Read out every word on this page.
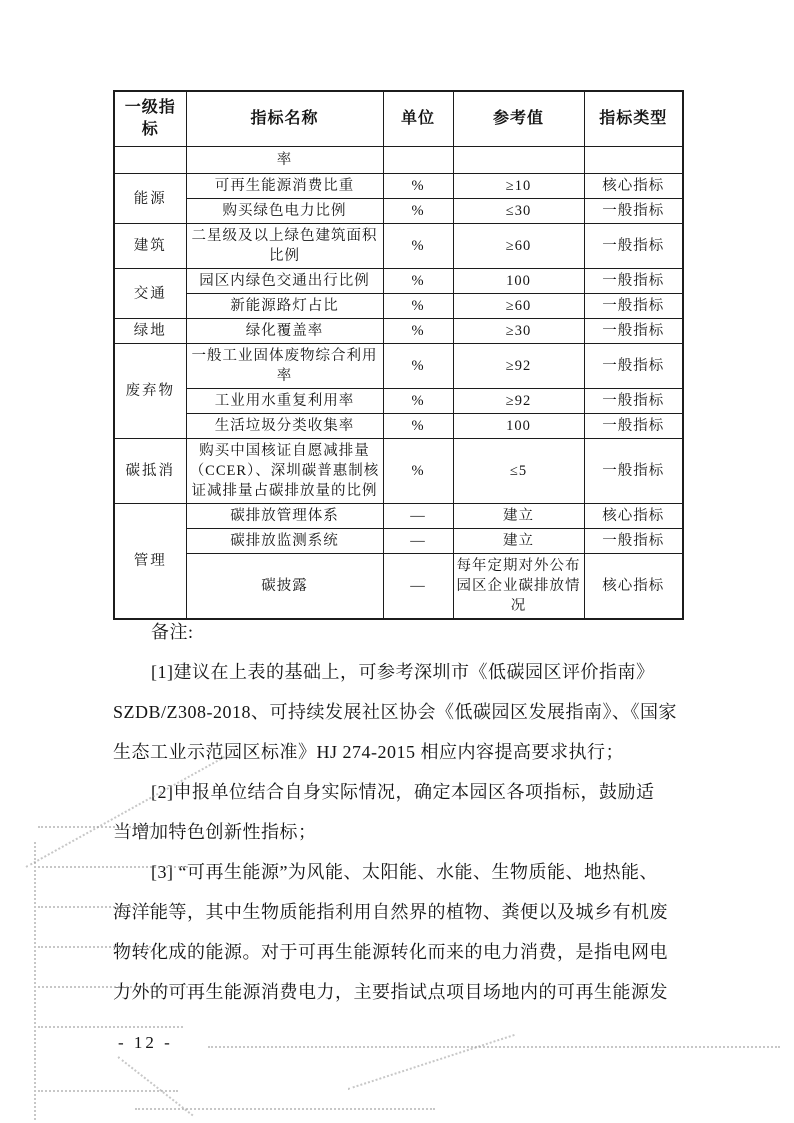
一级指标	指标名称	单位	参考值	指标类型
	率			
能源	可再生能源消费比重	%	≥10	核心指标
	购买绿色电力比例	%	≤30	一般指标
建筑	二星级及以上绿色建筑面积比例	%	≥60	一般指标
交通	园区内绿色交通出行比例	%	100	一般指标
	新能源路灯占比	%	≥60	一般指标
绿地	绿化覆盖率	%	≥30	一般指标
废弃物	一般工业固体废物综合利用率	%	≥92	一般指标
	工业用水重复利用率	%	≥92	一般指标
	生活垃圾分类收集率	%	100	一般指标
碳抵消	购买中国核证自愿减排量（CCER）、深圳碳普惠制核证减排量占碳排放量的比例	%	≤5	一般指标
管理	碳排放管理体系	—	建立	核心指标
	碳排放监测系统	—	建立	一般指标
	碳披露	—	每年定期对外公布园区企业碳排放情况	核心指标
备注:
[1]建议在上表的基础上，可参考深圳市《低碳园区评价指南》
SZDB/Z308-2018、可持续发展社区协会《低碳园区发展指南》、《国家
生态工业示范园区标准》HJ 274-2015 相应内容提高要求执行；
[2]申报单位结合自身实际情况，确定本园区各项指标，鼓励适
当增加特色创新性指标；
[3] “可再生能源”为风能、太阳能、水能、生物质能、地热能、
海洋能等，其中生物质能指利用自然界的植物、粪便以及城乡有机废
物转化成的能源。对于可再生能源转化而来的电力消费，是指电网电
力外的可再生能源消费电力，主要指试点项目场地内的可再生能源发
- 12 -
